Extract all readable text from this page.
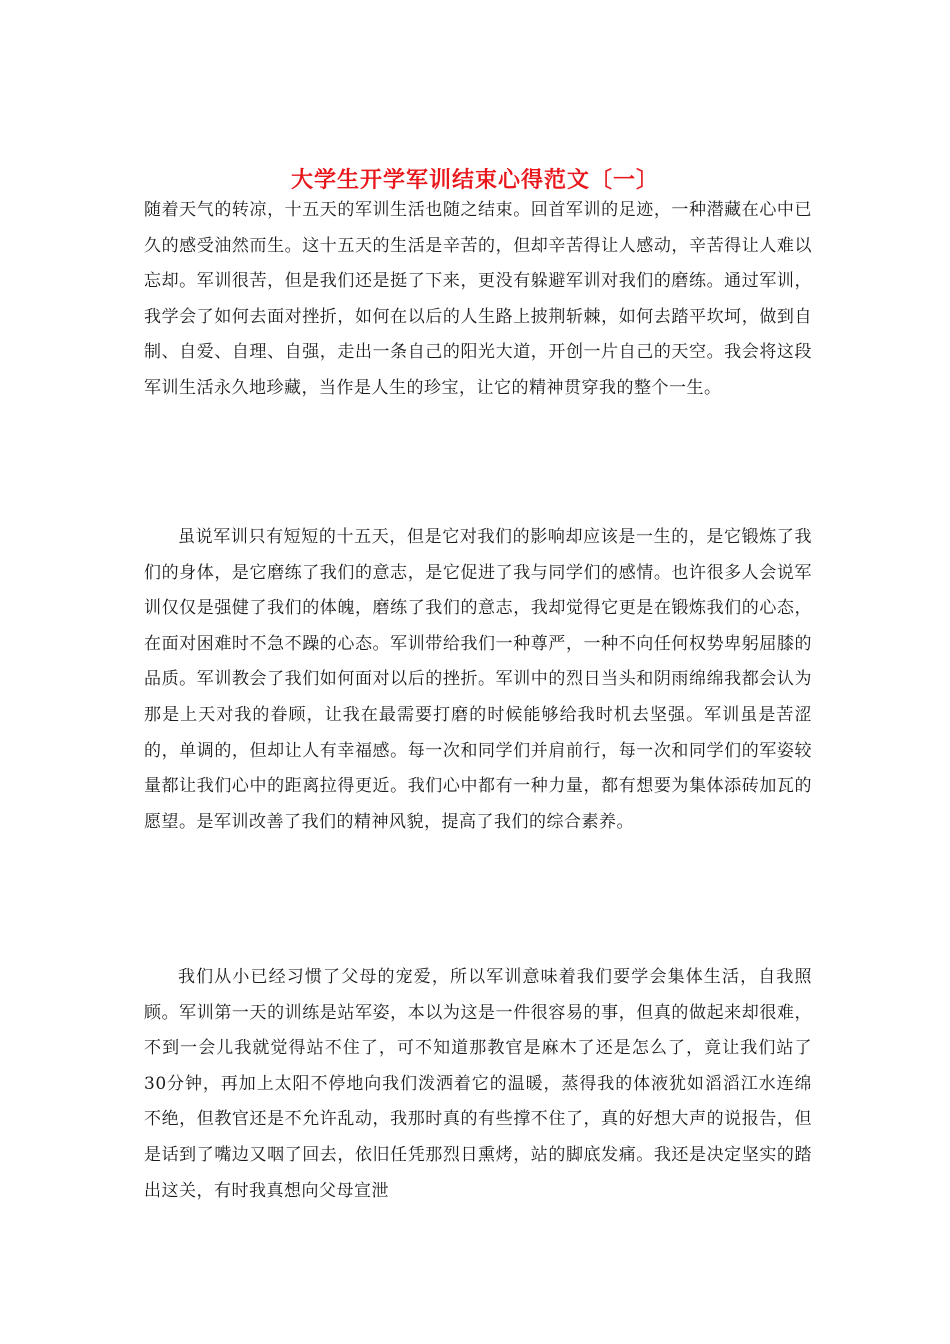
大学生开学军训结束心得范文〔一〕

随着天气的转凉，十五天的军训生活也随之结束。回首军训的足迹，一种潜藏在心中已久的感受油然而生。这十五天的生活是辛苦的，但却辛苦得让人感动，辛苦得让人难以忘却。军训很苦，但是我们还是挺了下来，更没有躲避军训对我们的磨练。通过军训，我学会了如何去面对挫折，如何在以后的人生路上披荆斩棘，如何去踏平坎坷，做到自制、自爱、自理、自强，走出一条自己的阳光大道，开创一片自己的天空。我会将这段军训生活永久地珍藏，当作是人生的珍宝，让它的精神贯穿我的整个一生。

虽说军训只有短短的十五天，但是它对我们的影响却应该是一生的，是它锻炼了我们的身体，是它磨练了我们的意志，是它促进了我与同学们的感情。也许很多人会说军训仅仅是强健了我们的体魄，磨练了我们的意志，我却觉得它更是在锻炼我们的心态，在面对困难时不急不躁的心态。军训带给我们一种尊严，一种不向任何权势卑躬屈膝的品质。军训教会了我们如何面对以后的挫折。军训中的烈日当头和阴雨绵绵我都会认为那是上天对我的眷顾，让我在最需要打磨的时候能够给我时机去坚强。军训虽是苦涩的，单调的，但却让人有幸福感。每一次和同学们并肩前行，每一次和同学们的军姿较量都让我们心中的距离拉得更近。我们心中都有一种力量，都有想要为集体添砖加瓦的愿望。是军训改善了我们的精神风貌，提高了我们的综合素养。

我们从小已经习惯了父母的宠爱，所以军训意味着我们要学会集体生活，自我照顾。军训第一天的训练是站军姿，本以为这是一件很容易的事，但真的做起来却很难，不到一会儿我就觉得站不住了，可不知道那教官是麻木了还是怎么了，竟让我们站了30分钟，再加上太阳不停地向我们泼洒着它的温暖，蒸得我的体液犹如滔滔江水连绵不绝，但教官还是不允许乱动，我那时真的有些撑不住了，真的好想大声的说报告，但是话到了嘴边又咽了回去，依旧任凭那烈日熏烤，站的脚底发痛。我还是决定坚实的踏出这关，有时我真想向父母宣泄
